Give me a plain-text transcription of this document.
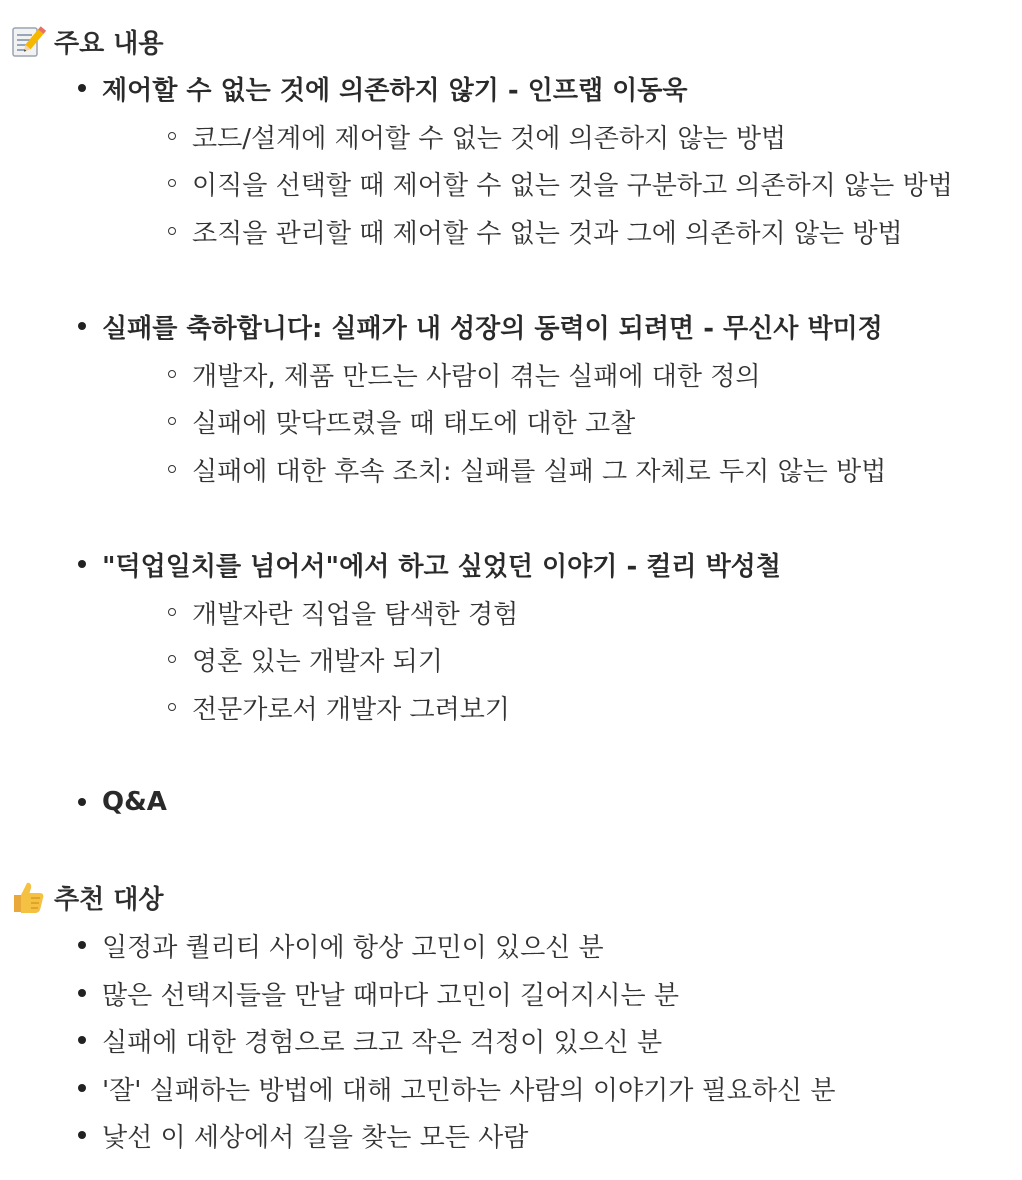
주요 내용
제어할 수 없는 것에 의존하지 않기 - 인프랩 이동욱
코드/설계에 제어할 수 없는 것에 의존하지 않는 방법
이직을 선택할 때 제어할 수 없는 것을 구분하고 의존하지 않는 방법
조직을 관리할 때 제어할 수 없는 것과 그에 의존하지 않는 방법
실패를 축하합니다: 실패가 내 성장의 동력이 되려면 - 무신사 박미정
개발자, 제품 만드는 사람이 겪는 실패에 대한 정의
실패에 맞닥뜨렸을 때 태도에 대한 고찰
실패에 대한 후속 조치: 실패를 실패 그 자체로 두지 않는 방법
"덕업일치를 넘어서"에서 하고 싶었던 이야기 - 컬리 박성철
개발자란 직업을 탐색한 경험
영혼 있는 개발자 되기
전문가로서 개발자 그려보기
Q&A
추천 대상
일정과 퀄리티 사이에 항상 고민이 있으신 분
많은 선택지들을 만날 때마다 고민이 길어지시는 분
실패에 대한 경험으로 크고 작은 걱정이 있으신 분
'잘' 실패하는 방법에 대해 고민하는 사람의 이야기가 필요하신 분
낯선 이 세상에서 길을 찾는 모든 사람
